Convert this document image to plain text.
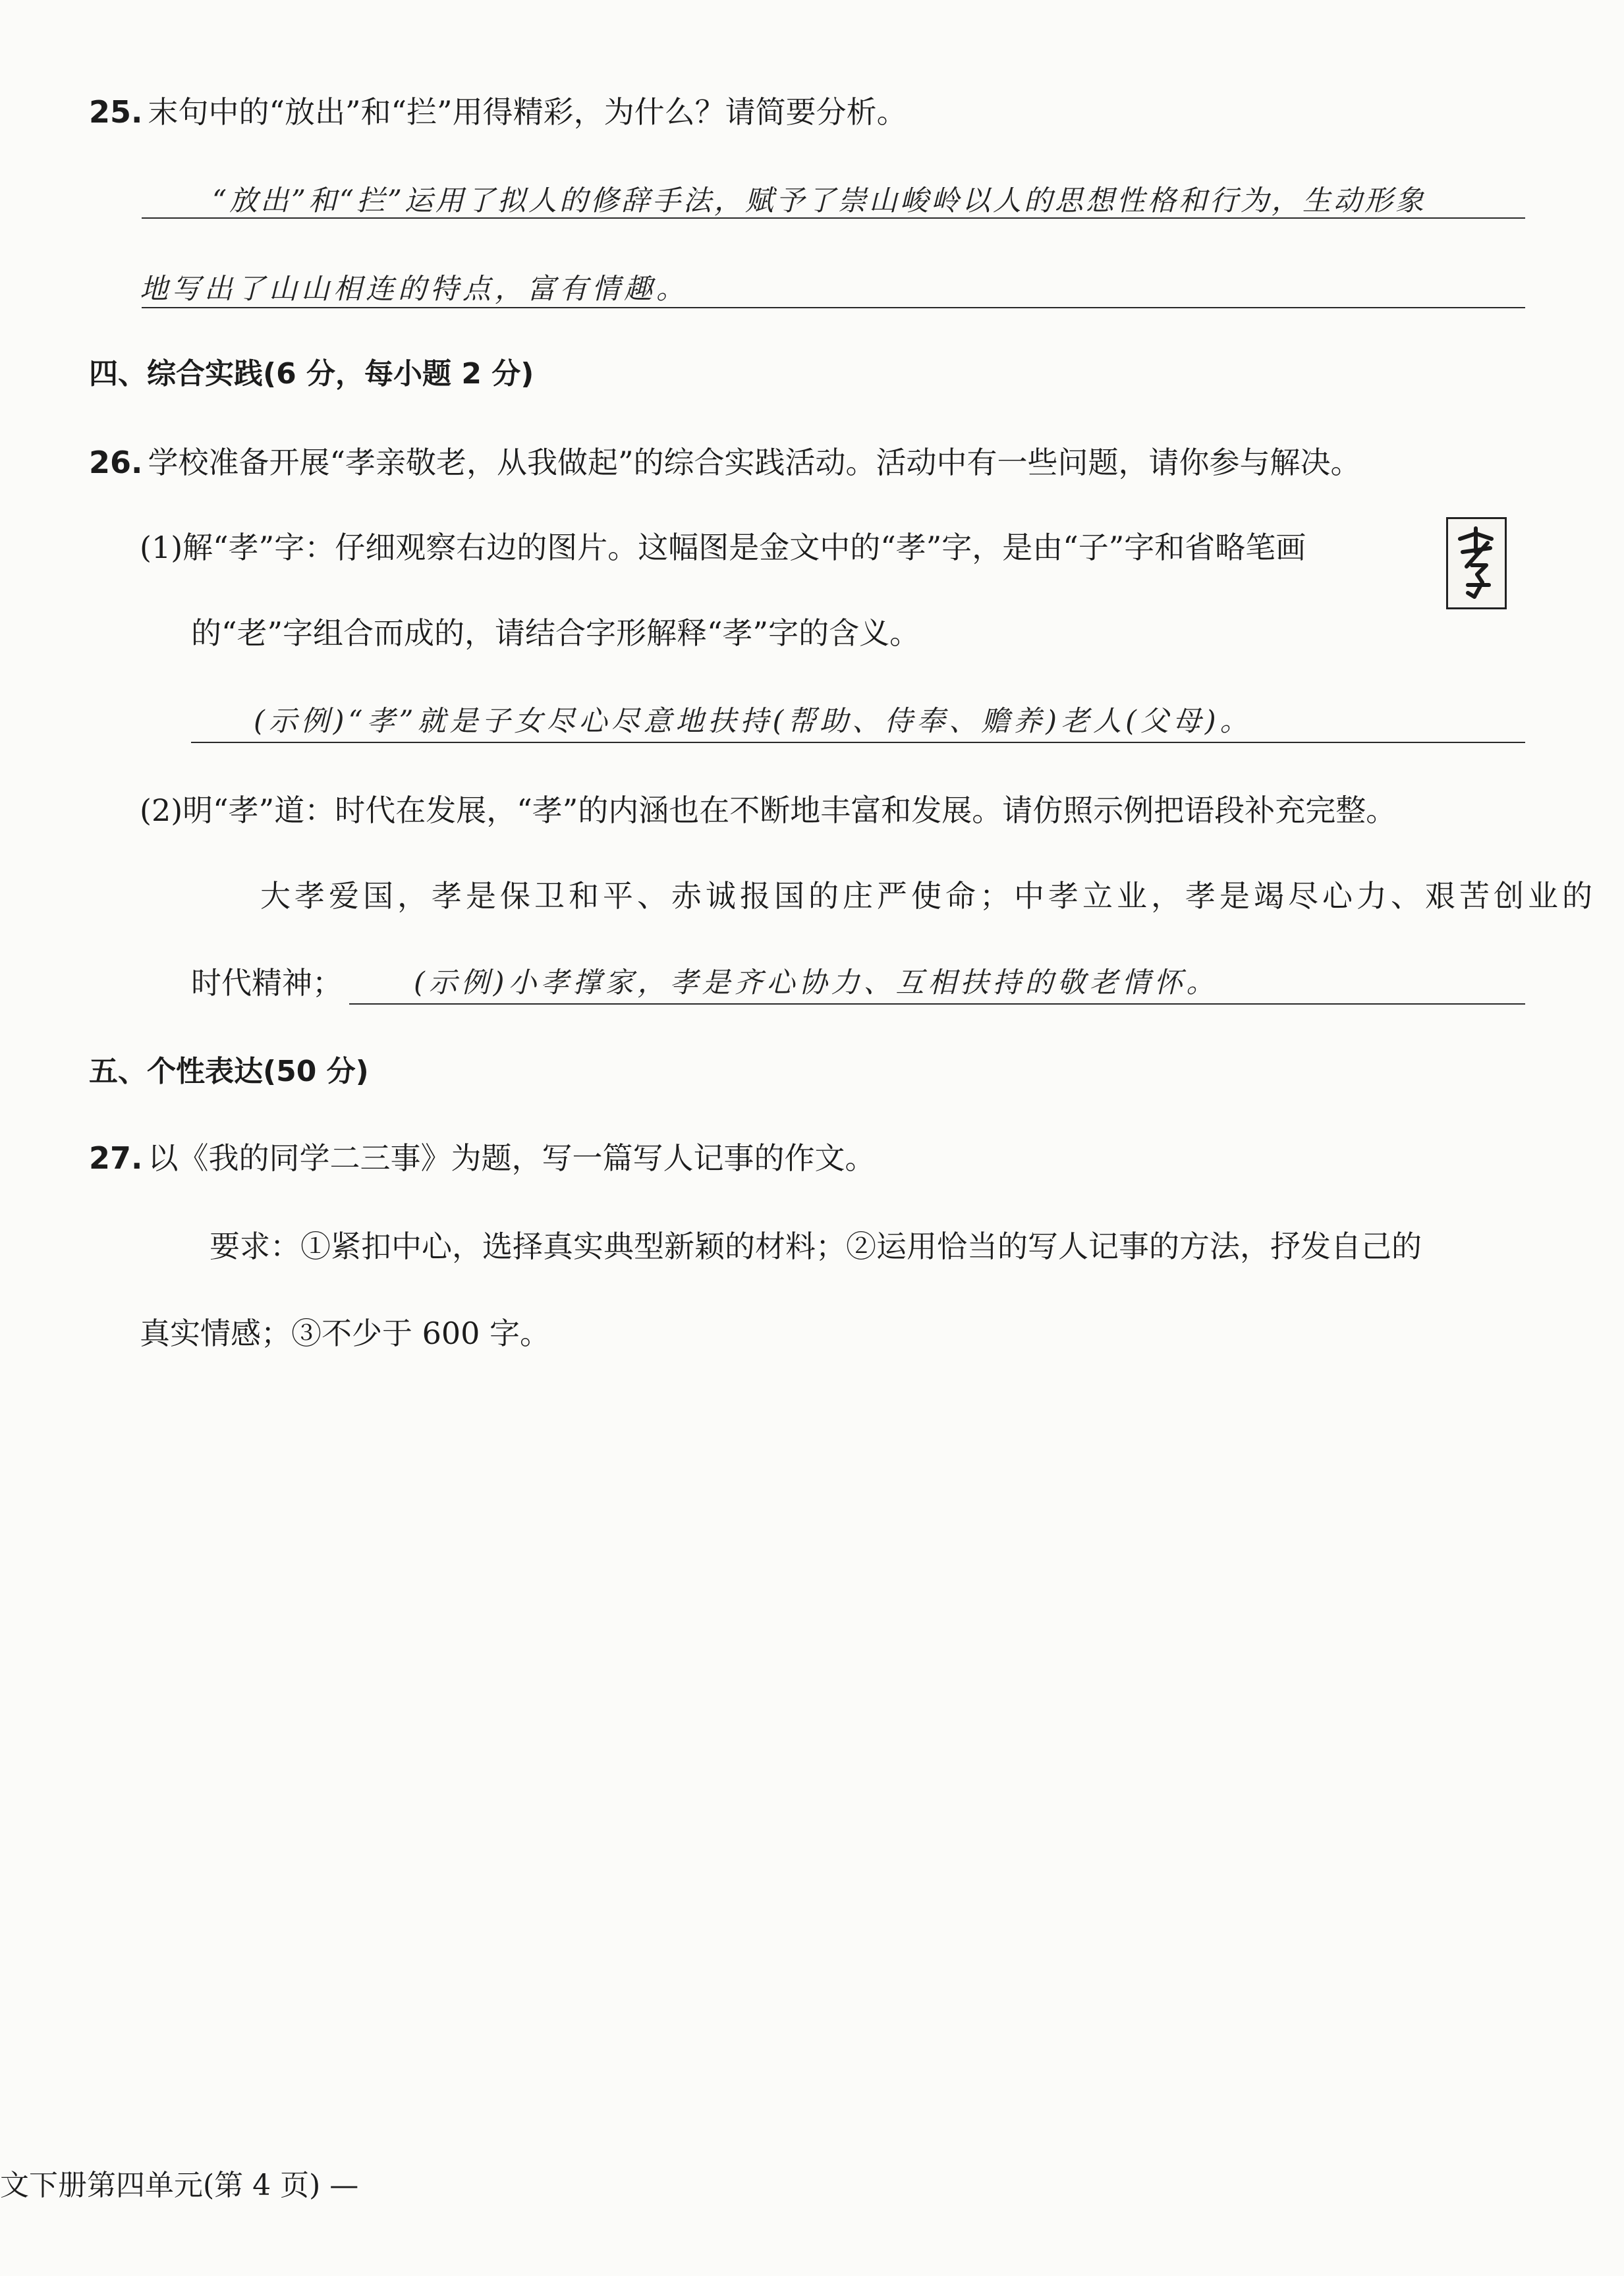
25. 末句中的“放出”和“拦”用得精彩，为什么？请简要分析。
“放出”和“拦”运用了拟人的修辞手法，赋予了崇山峻岭以人的思想性格和行为，生动形象
地写出了山山相连的特点，富有情趣。
四、综合实践(6 分，每小题 2 分)
26. 学校准备开展“孝亲敬老，从我做起”的综合实践活动。活动中有一些问题，请你参与解决。
(1)解“孝”字：仔细观察右边的图片。这幅图是金文中的“孝”字，是由“子”字和省略笔画
的“老”字组合而成的，请结合字形解释“孝”字的含义。
(示例)“孝”就是子女尽心尽意地扶持(帮助、侍奉、赡养)老人(父母)。
(2)明“孝”道：时代在发展，“孝”的内涵也在不断地丰富和发展。请仿照示例把语段补充完整。
大孝爱国，孝是保卫和平、赤诚报国的庄严使命；中孝立业，孝是竭尽心力、艰苦创业的
时代精神；	(示例)小孝撑家，孝是齐心协力、互相扶持的敬老情怀。
五、个性表达(50 分)
27. 以《我的同学二三事》为题，写一篇写人记事的作文。
要求：①紧扣中心，选择真实典型新颖的材料；②运用恰当的写人记事的方法，抒发自己的
真实情感；③不少于 600 字。
文下册第四单元(第 4 页) —
